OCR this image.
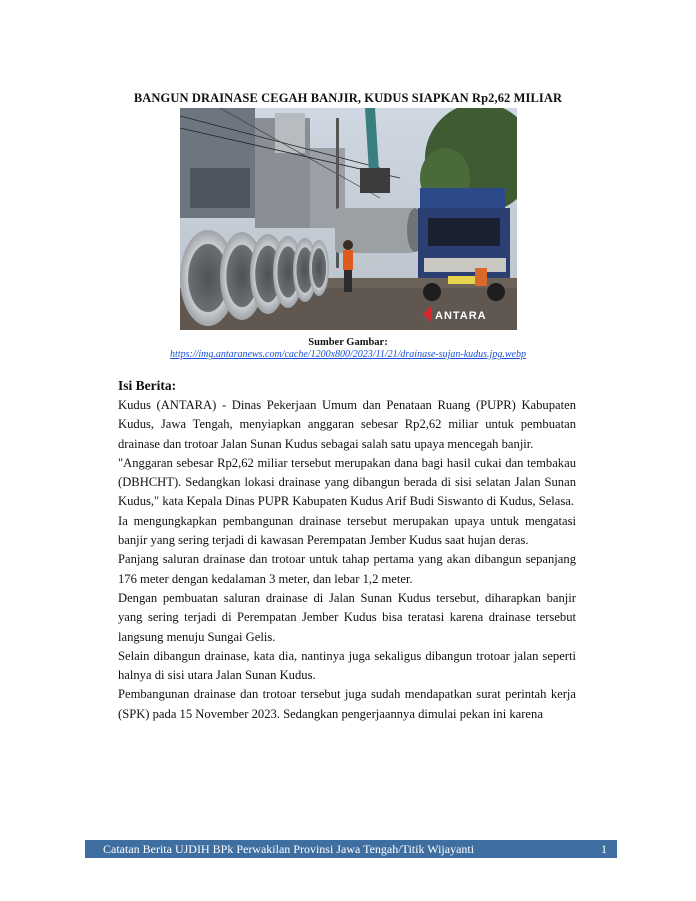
BANGUN DRAINASE CEGAH BANJIR, KUDUS SIAPKAN Rp2,62 MILIAR
ANTARA
Sumber Gambar:
https://img.antaranews.com/cache/1200x800/2023/11/21/drainase-sujan-kudus.jpg.webp
Isi Berita:

Kudus (ANTARA) - Dinas Pekerjaan Umum dan Penataan Ruang (PUPR) Kabupaten Kudus, Jawa Tengah, menyiapkan anggaran sebesar Rp2,62 miliar untuk pembuatan drainase dan trotoar Jalan Sunan Kudus sebagai salah satu upaya mencegah banjir.

"Anggaran sebesar Rp2,62 miliar tersebut merupakan dana bagi hasil cukai dan tembakau (DBHCHT). Sedangkan lokasi drainase yang dibangun berada di sisi selatan Jalan Sunan Kudus," kata Kepala Dinas PUPR Kabupaten Kudus Arif Budi Siswanto di Kudus, Selasa.

Ia mengungkapkan pembangunan drainase tersebut merupakan upaya untuk mengatasi banjir yang sering terjadi di kawasan Perempatan Jember Kudus saat hujan deras.

Panjang saluran drainase dan trotoar untuk tahap pertama yang akan dibangun sepanjang 176 meter dengan kedalaman 3 meter, dan lebar 1,2 meter.

Dengan pembuatan saluran drainase di Jalan Sunan Kudus tersebut, diharapkan banjir yang sering terjadi di Perempatan Jember Kudus bisa teratasi karena drainase tersebut langsung menuju Sungai Gelis.

Selain dibangun drainase, kata dia, nantinya juga sekaligus dibangun trotoar jalan seperti halnya di sisi utara Jalan Sunan Kudus.

Pembangunan drainase dan trotoar tersebut juga sudah mendapatkan surat perintah kerja (SPK) pada 15 November 2023. Sedangkan pengerjaannya dimulai pekan ini karena

Catatan Berita UJDIH BPk Perwakilan Provinsi Jawa Tengah/Titik Wijayanti	1
